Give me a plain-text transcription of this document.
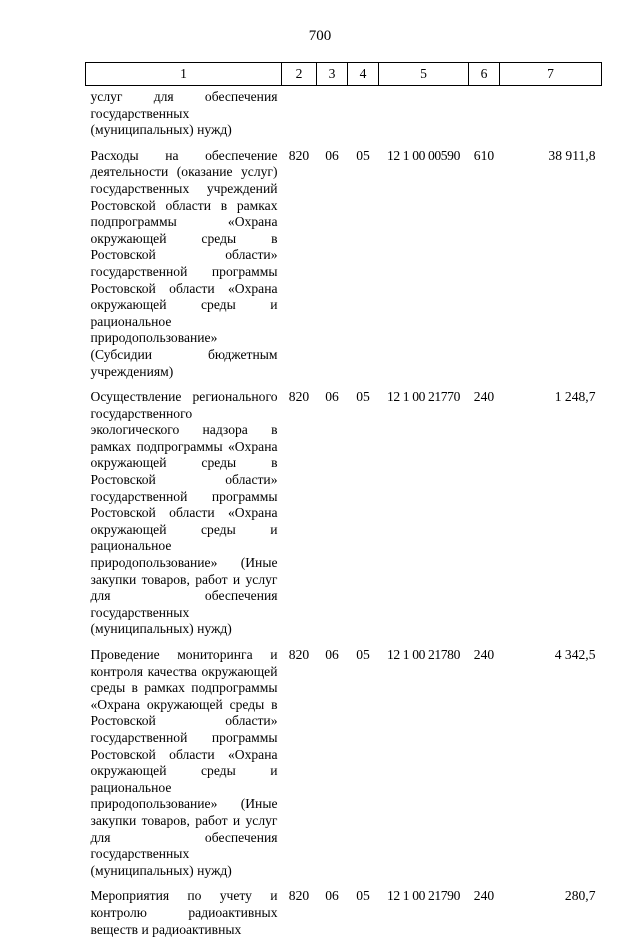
700
1	2	3	4	5	6	7
услуг для обеспечения государственных (муниципальных) нужд)						
Расходы на обеспечение деятельности (оказание услуг) государственных учреждений Ростовской области в рамках подпрограммы «Охрана окружающей среды в Ростовской области» государственной программы Ростовской области «Охрана окружающей среды и рациональное природопользование» (Субсидии бюджетным учреждениям)	820	06	05	12 1 00 00590	610	38 911,8
Осуществление регионального государственного экологического надзора в рамках подпрограммы «Охрана окружающей среды в Ростовской области» государственной программы Ростовской области «Охрана окружающей среды и рациональное природопользование» (Иные закупки товаров, работ и услуг для обеспечения государственных (муниципальных) нужд)	820	06	05	12 1 00 21770	240	1 248,7
Проведение мониторинга и контроля качества окружающей среды в рамках подпрограммы «Охрана окружающей среды в Ростовской области» государственной программы Ростовской области «Охрана окружающей среды и рациональное природопользование» (Иные закупки товаров, работ и услуг для обеспечения государственных (муниципальных) нужд)	820	06	05	12 1 00 21780	240	4 342,5
Мероприятия по учету и контролю радиоактивных веществ и радиоактивных	820	06	05	12 1 00 21790	240	280,7
